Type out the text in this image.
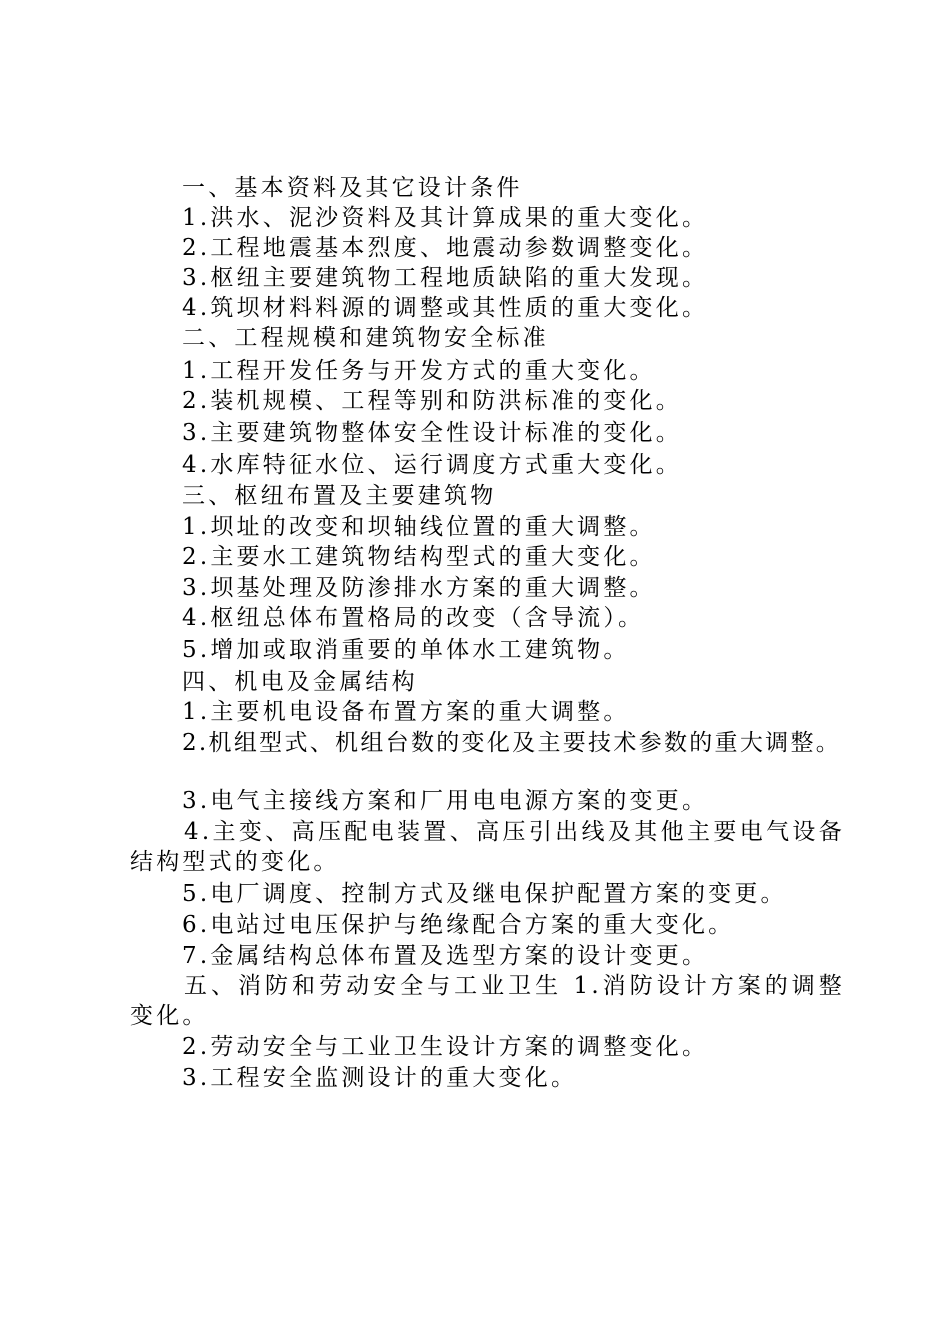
一、基本资料及其它设计条件
1.洪水、泥沙资料及其计算成果的重大变化。
2.工程地震基本烈度、地震动参数调整变化。
3.枢纽主要建筑物工程地质缺陷的重大发现。
4.筑坝材料料源的调整或其性质的重大变化。
二、工程规模和建筑物安全标准
1.工程开发任务与开发方式的重大变化。
2.装机规模、工程等别和防洪标准的变化。
3.主要建筑物整体安全性设计标准的变化。
4.水库特征水位、运行调度方式重大变化。
三、枢纽布置及主要建筑物
1.坝址的改变和坝轴线位置的重大调整。
2.主要水工建筑物结构型式的重大变化。
3.坝基处理及防渗排水方案的重大调整。
4.枢纽总体布置格局的改变（含导流）。
5.增加或取消重要的单体水工建筑物。
四、机电及金属结构
1.主要机电设备布置方案的重大调整。
2.机组型式、机组台数的变化及主要技术参数的重大调整。
3.电气主接线方案和厂用电电源方案的变更。
4.主变、高压配电装置、高压引出线及其他主要电气设备结构型式的变化。
5.电厂调度、控制方式及继电保护配置方案的变更。
6.电站过电压保护与绝缘配合方案的重大变化。
7.金属结构总体布置及选型方案的设计变更。
五、消防和劳动安全与工业卫生 1.消防设计方案的调整变化。
2.劳动安全与工业卫生设计方案的调整变化。
3.工程安全监测设计的重大变化。
